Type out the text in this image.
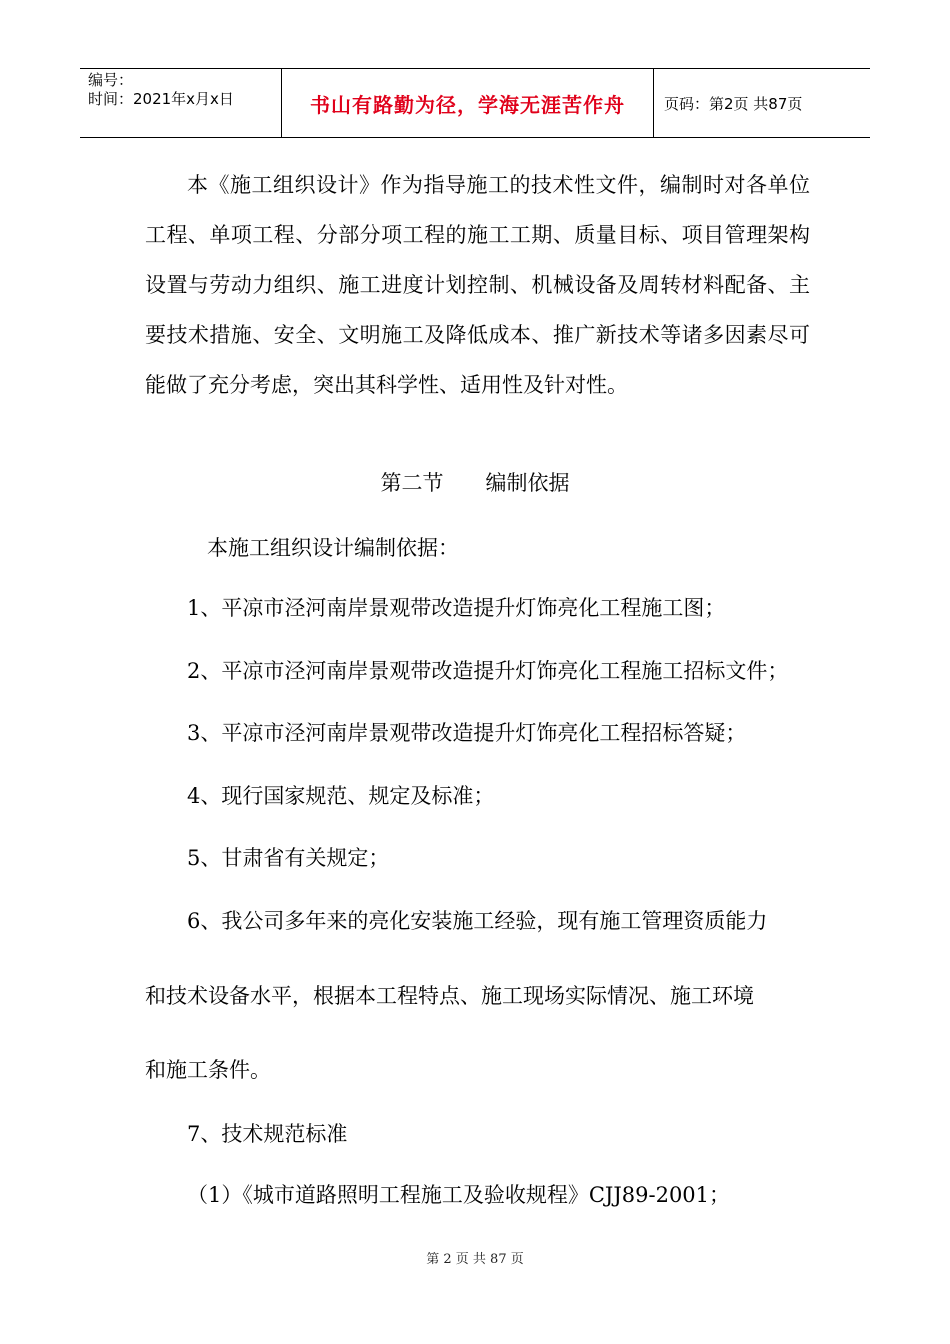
编号：
时间：2021年x月x日	书山有路勤为径，学海无涯苦作舟	页码：第2页 共87页

本《施工组织设计》作为指导施工的技术性文件，编制时对各单位工程、单项工程、分部分项工程的施工工期、质量目标、项目管理架构设置与劳动力组织、施工进度计划控制、机械设备及周转材料配备、主要技术措施、安全、文明施工及降低成本、推广新技术等诸多因素尽可能做了充分考虑，突出其科学性、适用性及针对性。

第二节　　编制依据

本施工组织设计编制依据：

1、平凉市泾河南岸景观带改造提升灯饰亮化工程施工图；

2、平凉市泾河南岸景观带改造提升灯饰亮化工程施工招标文件；

3、平凉市泾河南岸景观带改造提升灯饰亮化工程招标答疑；

4、现行国家规范、规定及标准；

5、甘肃省有关规定；

6、我公司多年来的亮化安装施工经验，现有施工管理资质能力

和技术设备水平，根据本工程特点、施工现场实际情况、施工环境

和施工条件。

7、技术规范标准

（1）《城市道路照明工程施工及验收规程》CJJ89-2001；

第 2 页 共 87 页
